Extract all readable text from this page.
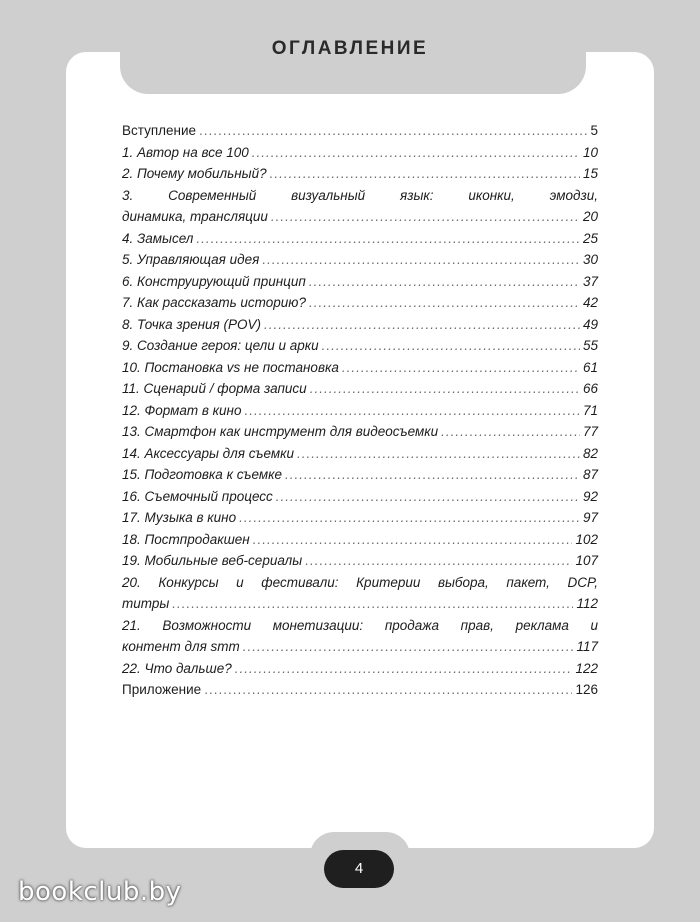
ОГЛАВЛЕНИЕ
Вступление .....	5
1. Автор на все 100 .....	10
2. Почему мобильный? .....	15
3. Современный визуальный язык: иконки, эмодзи,
динамика, трансляции .....	20
4. Замысел .....	25
5. Управляющая идея .....	30
6. Конструирующий принцип .....	37
7. Как рассказать историю? .....	42
8. Точка зрения (POV) .....	49
9. Создание героя: цели и арки .....	55
10. Постановка vs не постановка .....	61
11. Сценарий / форма записи .....	66
12. Формат в кино .....	71
13. Смартфон как инструмент для видеосъемки .....	77
14. Аксессуары для съемки .....	82
15. Подготовка к съемке .....	87
16. Съемочный процесс .....	92
17. Музыка в кино .....	97
18. Постпродакшен .....	102
19. Мобильные веб-сериалы .....	107
20. Конкурсы и фестивали: Критерии выбора, пакет, DCP,
титры .....	112
21. Возможности монетизации: продажа прав, реклама и
контент для smm .....	117
22. Что дальше? .....	122
Приложение .....	126
4
bookclub.by
